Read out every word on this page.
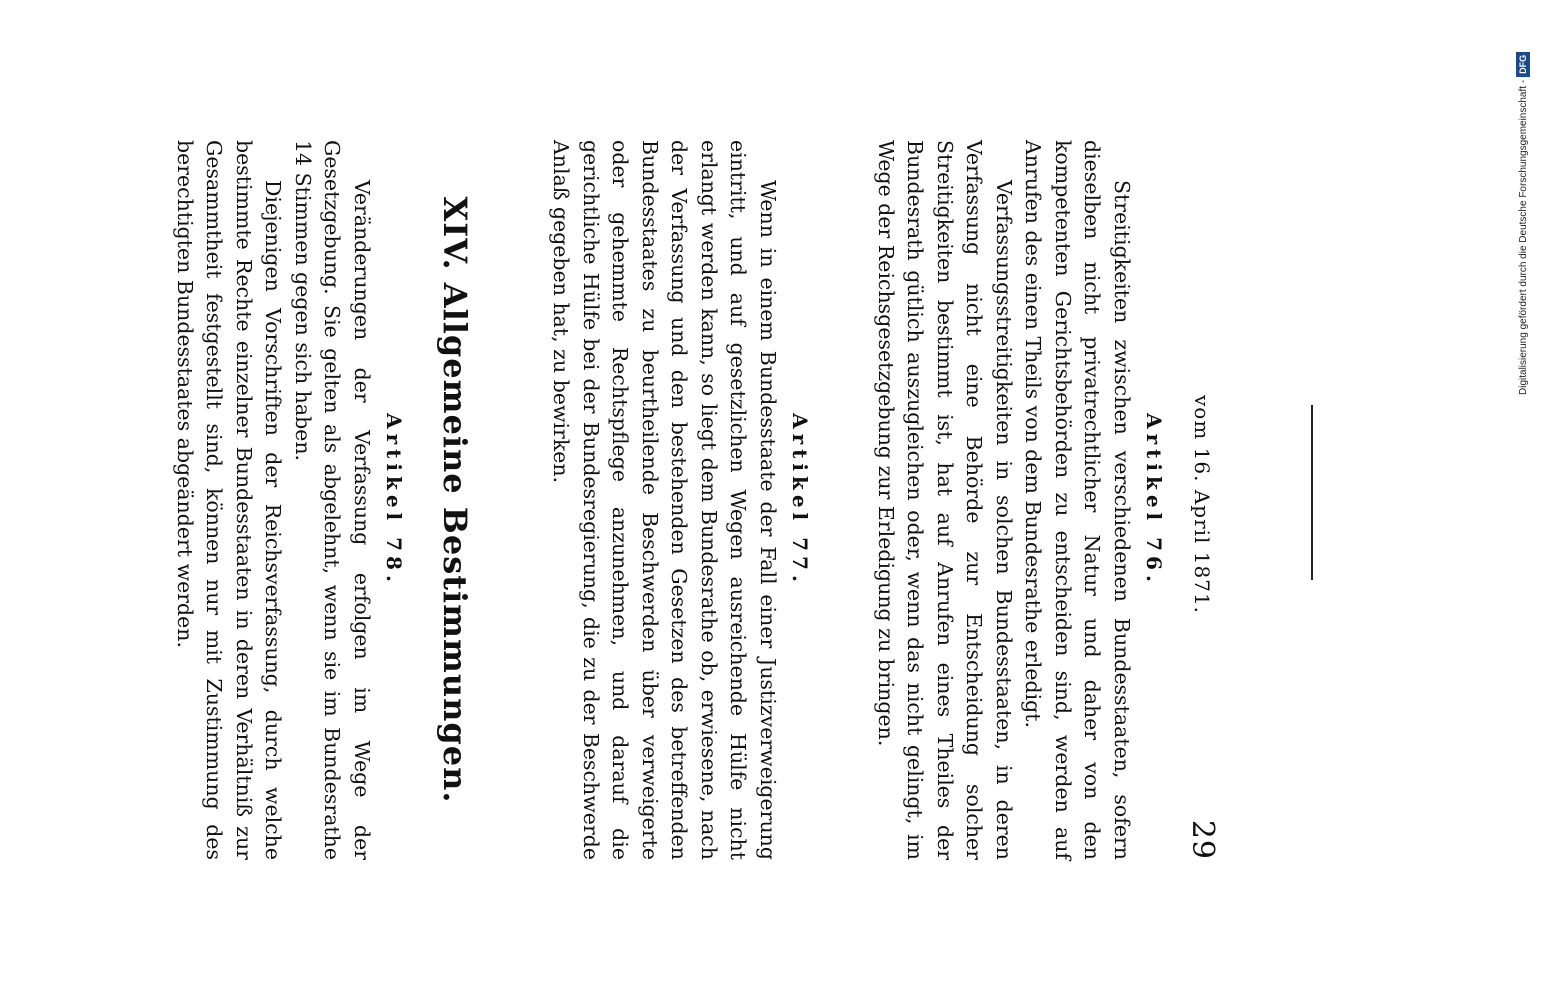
vom 16. April 1871.
29
Artikel 76.

Streitigkeiten zwischen verschiedenen Bundesstaaten, sofern dieselben nicht privatrechtlicher Natur und daher von den kompetenten Gerichtsbehörden zu entscheiden sind, werden auf Anrufen des einen Theils von dem Bundesrathe erledigt.

Verfassungsstreitigkeiten in solchen Bundesstaaten, in deren Verfassung nicht eine Behörde zur Entscheidung solcher Streitigkeiten bestimmt ist, hat auf Anrufen eines Theiles der Bundesrath gütlich auszugleichen oder, wenn das nicht gelingt, im Wege der Reichsgesetzgebung zur Erledigung zu bringen.

Artikel 77.

Wenn in einem Bundesstaate der Fall einer Justizverweigerung eintritt, und auf gesetzlichen Wegen ausreichende Hülfe nicht erlangt werden kann, so liegt dem Bundesrathe ob, erwiesene, nach der Verfassung und den bestehenden Gesetzen des betreffenden Bundesstaates zu beurtheilende Beschwerden über verweigerte oder gehemmte Rechtspflege anzunehmen, und darauf die gerichtliche Hülfe bei der Bundesregierung, die zu der Beschwerde Anlaß gegeben hat, zu bewirken.

XIV. Allgemeine Bestimmungen.
Artikel 78.

Veränderungen der Verfassung erfolgen im Wege der Gesetzgebung. Sie gelten als abgelehnt, wenn sie im Bundesrathe 14 Stimmen gegen sich haben.

Diejenigen Vorschriften der Reichsverfassung, durch welche bestimmte Rechte einzelner Bundesstaaten in deren Verhältniß zur Gesammtheit festgestellt sind, können nur mit Zustimmung des berechtigten Bundesstaates abgeändert werden.	Digitalisierung gefördert durch die Deutsche Forschungsgemeinschaft -DFG
